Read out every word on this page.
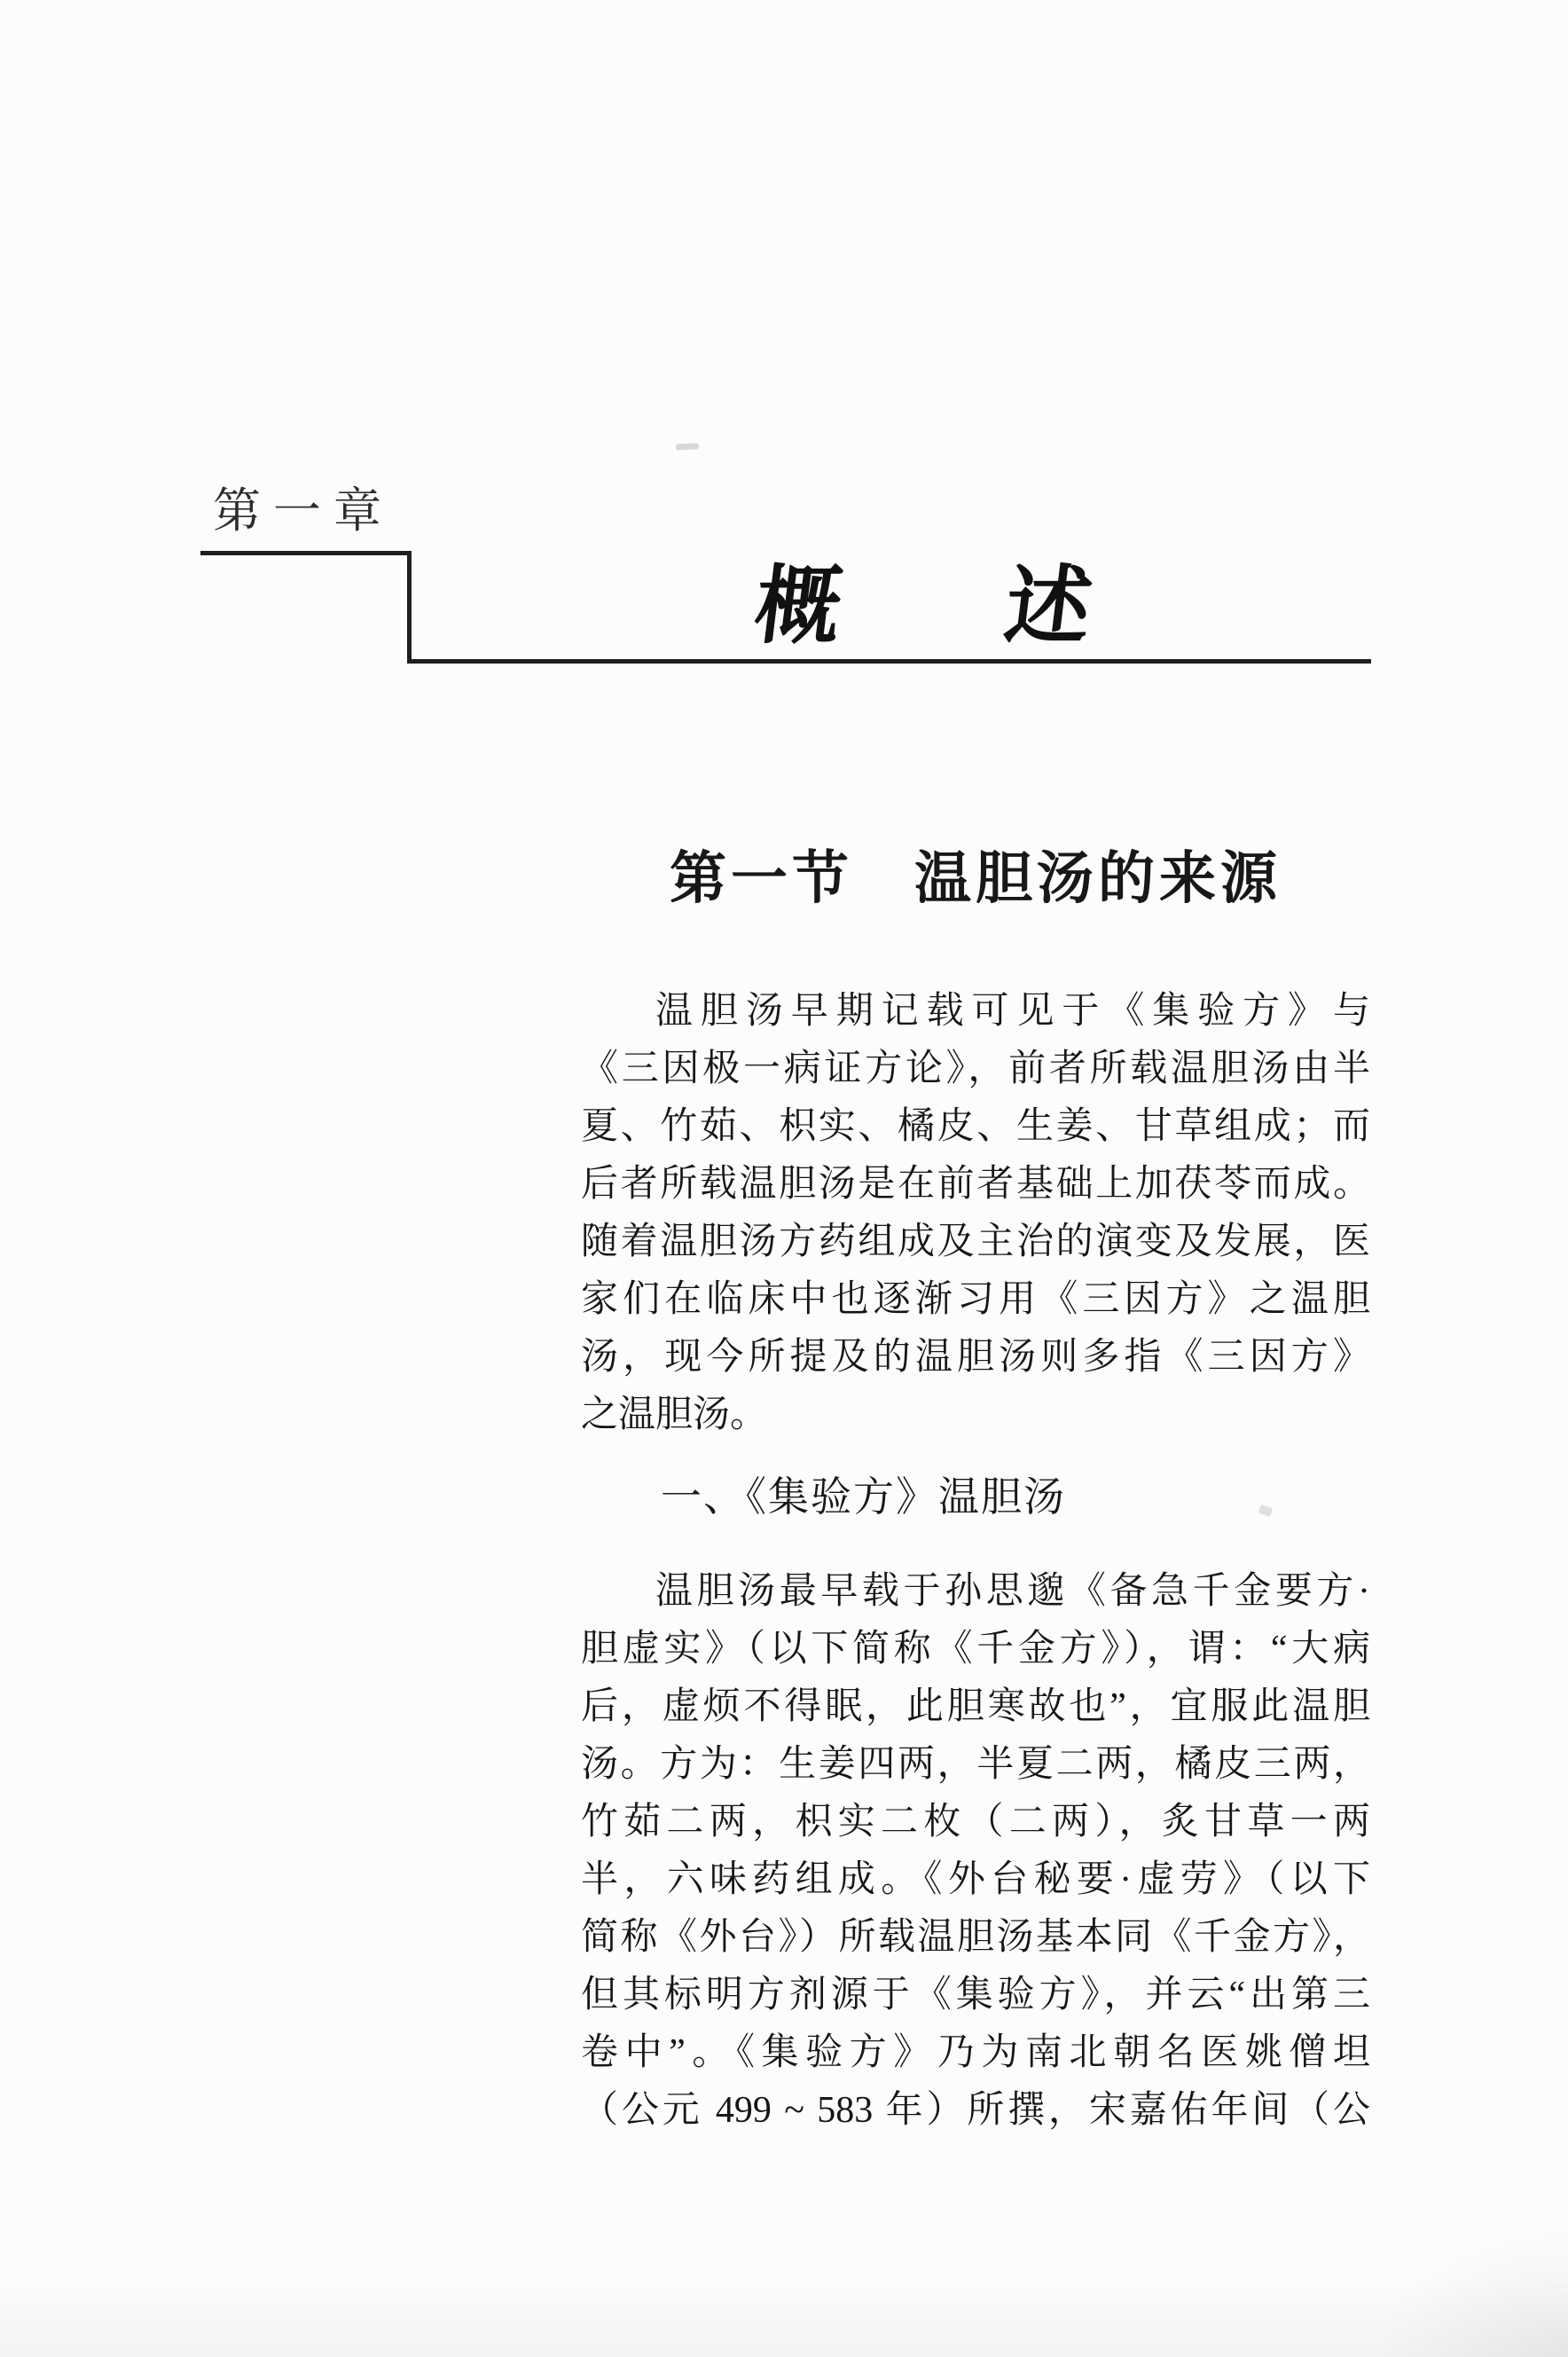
第一章
概 述
第一节　温胆汤的来源
温胆汤早期记载可见于《集验方》与
《三因极一病证方论》，前者所载温胆汤由半
夏、竹茹、枳实、橘皮、生姜、甘草组成；而
后者所载温胆汤是在前者基础上加茯苓而成。
随着温胆汤方药组成及主治的演变及发展，医
家们在临床中也逐渐习用《三因方》之温胆
汤，现今所提及的温胆汤则多指《三因方》
之温胆汤。
一、《集验方》温胆汤
温胆汤最早载于孙思邈《备急千金要方·
胆虚实》（以下简称《千金方》），谓：“大病
后，虚烦不得眠，此胆寒故也”，宜服此温胆
汤。方为：生姜四两，半夏二两，橘皮三两，
竹茹二两，枳实二枚（二两），炙甘草一两
半，六味药组成。《外台秘要·虚劳》（以下
简称《外台》）所载温胆汤基本同《千金方》，
但其标明方剂源于《集验方》，并云“出第三
卷中”。《集验方》乃为南北朝名医姚僧坦
（公元 499 ~ 583 年）所撰，宋嘉佑年间（公
